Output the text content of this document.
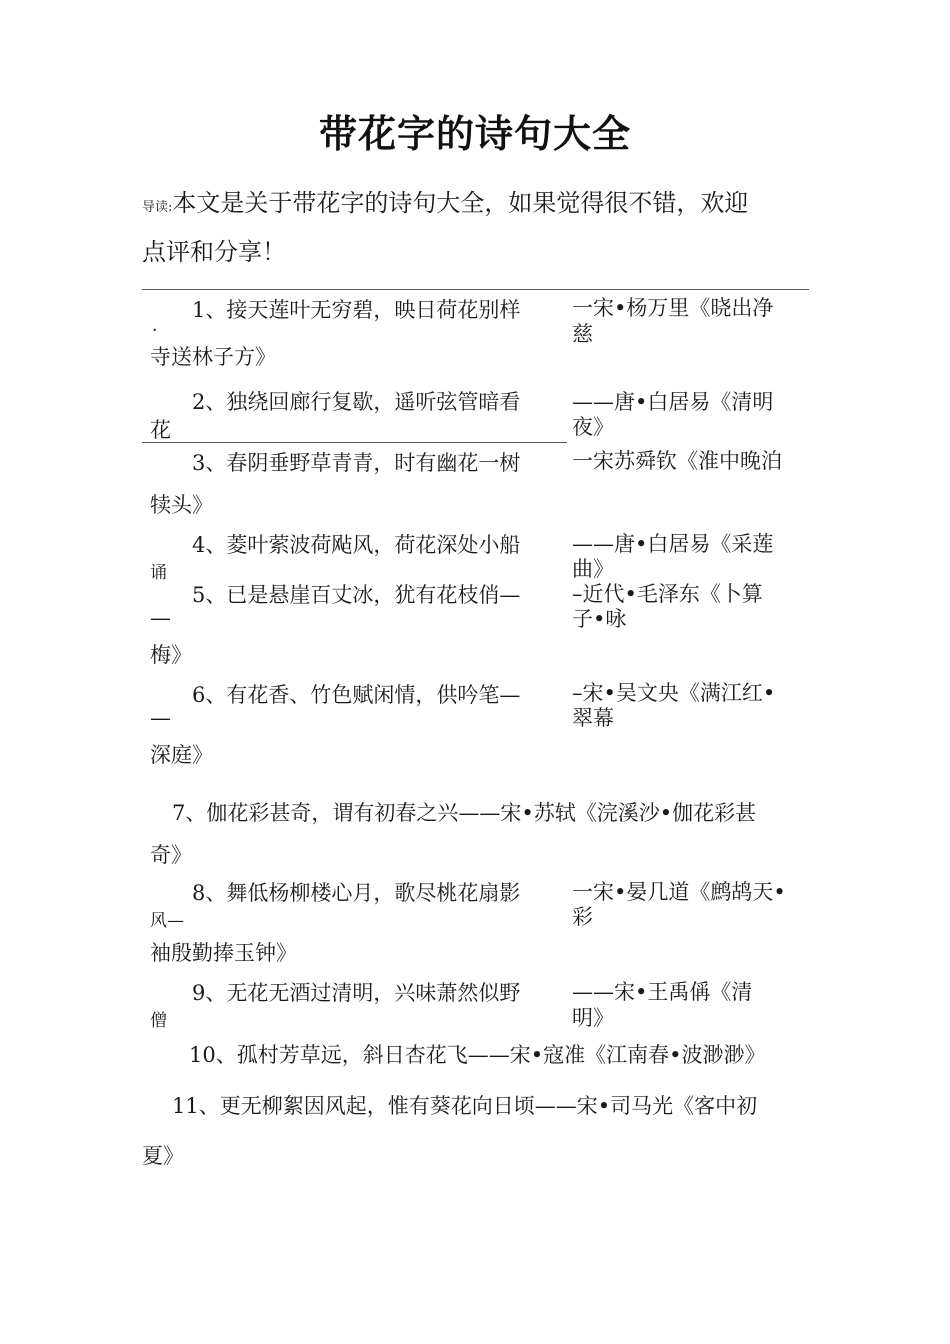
带花字的诗句大全
导读:本文是关于带花字的诗句大全，如果觉得很不错，欢迎
点评和分享！
1、接天莲叶无穷碧，映日荷花别样
.
寺送林子方》
一宋•杨万里《晓出净
慈
2、独绕回廊行复歇，遥听弦管暗看
花
——唐•白居易《清明
夜》
3、春阴垂野草青青，时有幽花一树
犊头》
一宋苏舜钦《淮中晚泊
4、菱叶萦波荷飐风，荷花深处小船
诵
——唐•白居易《采莲
曲》
5、已是悬崖百丈冰，犹有花枝俏—
—
梅》
–近代•毛泽东《卜算
子•咏
6、有花香、竹色赋闲情，供吟笔—
—
深庭》
–宋•吴文央《满江红•
翠幕
7、伽花彩甚奇，谓有初春之兴——宋•苏轼《浣溪沙•伽花彩甚
奇》
8、舞低杨柳楼心月，歌尽桃花扇影
风—
袖殷勤捧玉钟》
一宋•晏几道《鹧鸪天•
彩
9、无花无酒过清明，兴味萧然似野
僧
——宋•王禹偁《清
明》
10、孤村芳草远，斜日杏花飞——宋•寇准《江南春•波渺渺》
11、更无柳絮因风起，惟有葵花向日顷——宋•司马光《客中初
夏》
